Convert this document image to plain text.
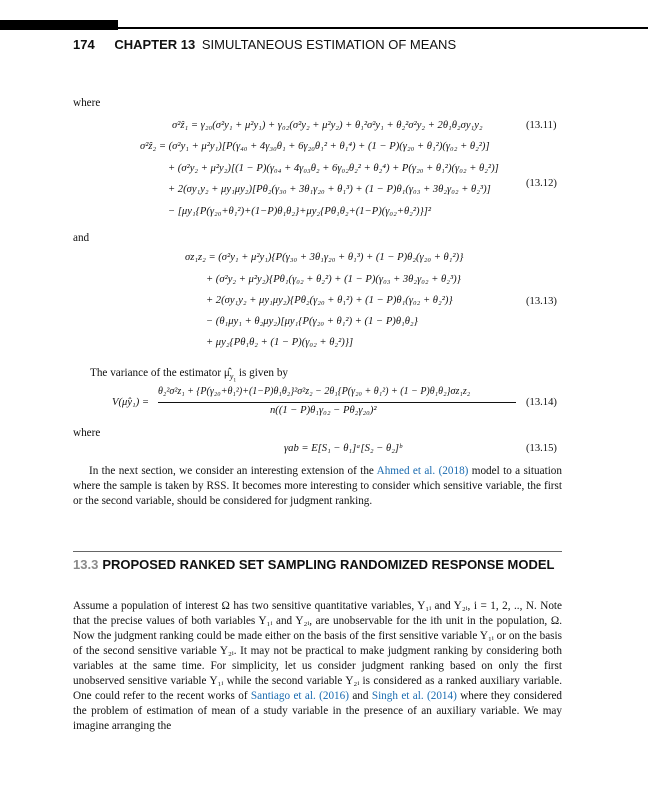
174 CHAPTER 13 SIMULTANEOUS ESTIMATION OF MEANS
where
σ²ẑ₁ = γ₂₀(σ²y₁ + μ²y₁) + γ₀₂(σ²y₂ + μ²y₂) + θ₁²σ²y₁ + θ₂²σ²y₂ + 2θ₁θ₂σy₁y₂	(13.11)
σ²ẑ₂ = (σ²y₁ + μ²y₁)[P(γ₄₀ + 4γ₃₀θ₁ + 6γ₂₀θ₁² + θ₁⁴) + (1 − P)(γ₂₀ + θ₁²)(γ₀₂ + θ₂²)]
+ (σ²y₂ + μ²y₂)[(1 − P)(γ₀₄ + 4γ₀₃θ₂ + 6γ₀₂θ₂² + θ₂⁴) + P(γ₂₀ + θ₁²)(γ₀₂ + θ₂²)]
+ 2(σy₁y₂ + μy₁μy₂)[Pθ₂(γ₃₀ + 3θ₁γ₂₀ + θ₁³) + (1 − P)θ₁(γ₀₃ + 3θ₂γ₀₂ + θ₂³)]
− [μy₁{P(γ₂₀+θ₁²)+(1−P)θ₁θ₂}+μy₂{Pθ₁θ₂+(1−P)(γ₀₂+θ₂²)}]²
(13.12)
and
σz₁z₂ = (σ²y₁ + μ²y₁){P(γ₃₀ + 3θ₁γ₂₀ + θ₁³) + (1 − P)θ₂(γ₂₀ + θ₁²)}
+ (σ²y₂ + μ²y₂){Pθ₁(γ₀₂ + θ₂²) + (1 − P)(γ₀₃ + 3θ₂γ₀₂ + θ₂³)}
+ 2(σy₁y₂ + μy₁μy₂){Pθ₂(γ₂₀ + θ₁²) + (1 − P)θ₁(γ₀₂ + θ₂²)}
− (θ₁μy₁ + θ₂μy₂)[μy₁{P(γ₂₀ + θ₁²) + (1 − P)θ₁θ₂}
+ μy₂{Pθ₁θ₂ + (1 − P)(γ₀₂ + θ₂²)}]
(13.13)
The variance of the estimator $\mû_{y_1}$ is given by
V(μ̂y₁) =
θ₂²σ²z₁ + {P(γ₂₀+θ₁²)+(1−P)θ₁θ₂}²σ²z₂ − 2θ₁{P(γ₂₀ + θ₁²) + (1 − P)θ₁θ₂}σz₁z₂
n((1 − P)θ₁γ₀₂ − Pθ₂γ₂₀)²
(13.14)
where
γab = E[S₁ − θ₁]ᵃ[S₂ − θ₂]ᵇ	(13.15)
In the next section, we consider an interesting extension of the Ahmed et al. (2018) model to a situation where the sample is taken by RSS. It becomes more interesting to consider which sensitive variable, the first or the second variable, should be considered for judgment ranking.
13.3 PROPOSED RANKED SET SAMPLING RANDOMIZED RESPONSE MODEL
Assume a population of interest Ω has two sensitive quantitative variables, Y₁ᵢ and Y₂ᵢ, i = 1, 2, .., N. Note that the precise values of both variables Y₁ᵢ and Y₂ᵢ, are unobservable for the ith unit in the population, Ω. Now the judgment ranking could be made either on the basis of the first sensitive variable Y₁ᵢ or on the basis of the second sensitive variable Y₂ᵢ. It may not be practical to make judgment ranking by considering both variables at the same time. For simplicity, let us consider judgment ranking based on only the first unobserved sensitive variable Y₁ᵢ while the second variable Y₂ᵢ is considered as a ranked auxiliary variable. One could refer to the recent works of Santiago et al. (2016) and Singh et al. (2014) where they considered the problem of estimation of mean of a study variable in the presence of an auxiliary variable. We may imagine arranging the
